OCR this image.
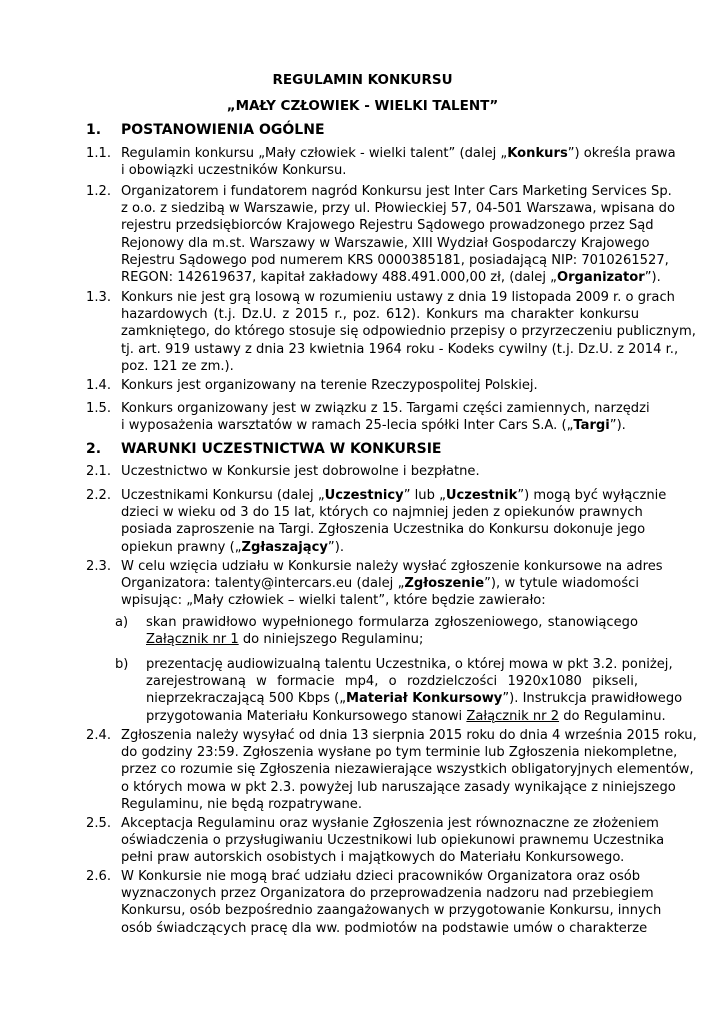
REGULAMIN KONKURSU
„MAŁY CZŁOWIEK - WIELKI TALENT”
1. POSTANOWIENIA OGÓLNE
1.1. Regulamin konkursu „Mały człowiek - wielki talent” (dalej „Konkurs”) określa prawa
i obowiązki uczestników Konkursu.
1.2. Organizatorem i fundatorem nagród Konkursu jest Inter Cars Marketing Services Sp.
z o.o. z siedzibą w Warszawie, przy ul. Płowieckiej 57, 04-501 Warszawa, wpisana do
rejestru przedsiębiorców Krajowego Rejestru Sądowego prowadzonego przez Sąd
Rejonowy dla m.st. Warszawy w Warszawie, XIII Wydział Gospodarczy Krajowego
Rejestru Sądowego pod numerem KRS 0000385181, posiadającą NIP: 7010261527,
REGON: 142619637, kapitał zakładowy 488.491.000,00 zł, (dalej „Organizator”).
1.3. Konkurs nie jest grą losową w rozumieniu ustawy z dnia 19 listopada 2009 r. o grach
hazardowych (t.j. Dz.U. z 2015 r., poz. 612). Konkurs ma charakter konkursu
zamkniętego, do którego stosuje się odpowiednio przepisy o przyrzeczeniu publicznym,
tj. art. 919 ustawy z dnia 23 kwietnia 1964 roku - Kodeks cywilny (t.j. Dz.U. z 2014 r.,
poz. 121 ze zm.).
1.4. Konkurs jest organizowany na terenie Rzeczypospolitej Polskiej.
1.5. Konkurs organizowany jest w związku z 15. Targami części zamiennych, narzędzi
i wyposażenia warsztatów w ramach 25-lecia spółki Inter Cars S.A. („Targi”).
2. WARUNKI UCZESTNICTWA W KONKURSIE
2.1. Uczestnictwo w Konkursie jest dobrowolne i bezpłatne.
2.2. Uczestnikami Konkursu (dalej „Uczestnicy” lub „Uczestnik”) mogą być wyłącznie
dzieci w wieku od 3 do 15 lat, których co najmniej jeden z opiekunów prawnych
posiada zaproszenie na Targi. Zgłoszenia Uczestnika do Konkursu dokonuje jego
opiekun prawny („Zgłaszający”).
2.3. W celu wzięcia udziału w Konkursie należy wysłać zgłoszenie konkursowe na adres
Organizatora: talenty@intercars.eu (dalej „Zgłoszenie”), w tytule wiadomości
wpisując: „Mały człowiek – wielki talent”, które będzie zawierało:
a) skan prawidłowo wypełnionego formularza zgłoszeniowego, stanowiącego
Załącznik nr 1 do niniejszego Regulaminu;
b) prezentację audiowizualną talentu Uczestnika, o której mowa w pkt 3.2. poniżej,
zarejestrowaną w formacie mp4, o rozdzielczości 1920x1080 pikseli,
nieprzekraczającą 500 Kbps („Materiał Konkursowy”). Instrukcja prawidłowego
przygotowania Materiału Konkursowego stanowi Załącznik nr 2 do Regulaminu.
2.4. Zgłoszenia należy wysyłać od dnia 13 sierpnia 2015 roku do dnia 4 września 2015 roku,
do godziny 23:59. Zgłoszenia wysłane po tym terminie lub Zgłoszenia niekompletne,
przez co rozumie się Zgłoszenia niezawierające wszystkich obligatoryjnych elementów,
o których mowa w pkt 2.3. powyżej lub naruszające zasady wynikające z niniejszego
Regulaminu, nie będą rozpatrywane.
2.5. Akceptacja Regulaminu oraz wysłanie Zgłoszenia jest równoznaczne ze złożeniem
oświadczenia o przysługiwaniu Uczestnikowi lub opiekunowi prawnemu Uczestnika
pełni praw autorskich osobistych i majątkowych do Materiału Konkursowego.
2.6. W Konkursie nie mogą brać udziału dzieci pracowników Organizatora oraz osób
wyznaczonych przez Organizatora do przeprowadzenia nadzoru nad przebiegiem
Konkursu, osób bezpośrednio zaangażowanych w przygotowanie Konkursu, innych
osób świadczących pracę dla ww. podmiotów na podstawie umów o charakterze
